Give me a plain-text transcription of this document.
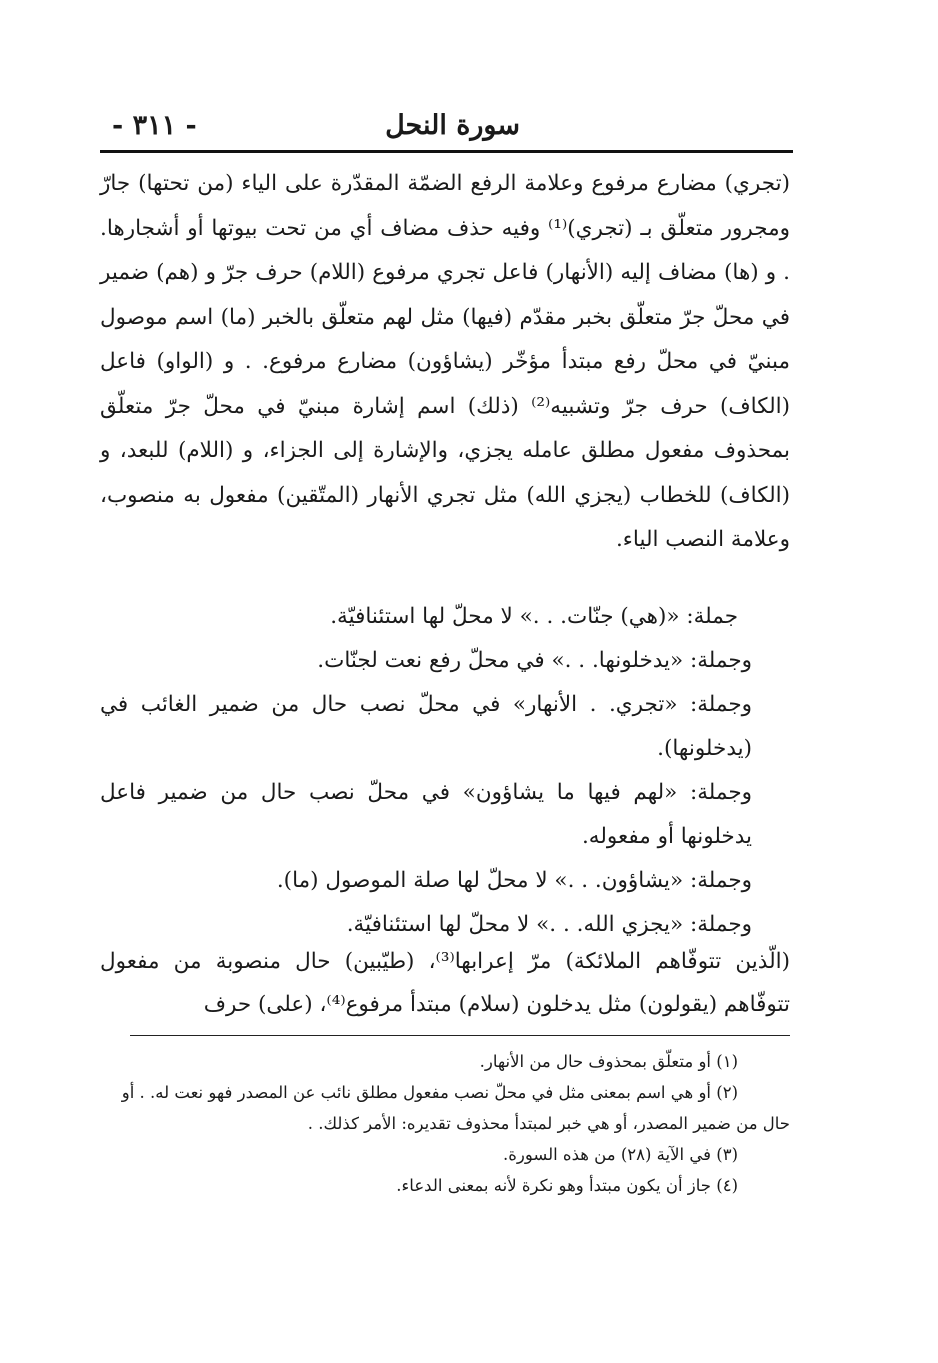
سورة النحل
- ٣١١ -

(تجري) مضارع مرفوع وعلامة الرفع الضمّة المقدّرة على الياء (من تحتها) جارّ ومجرور متعلّق بـ (تجري)⁽¹⁾ وفيه حذف مضاف أي من تحت بيوتها أو أشجارها. . و (ها) مضاف إليه (الأنهار) فاعل تجري مرفوع (اللام) حرف جرّ و (هم) ضمير في محلّ جرّ متعلّق بخبر مقدّم (فيها) مثل لهم متعلّق بالخبر (ما) اسم موصول مبنيّ في محلّ رفع مبتدأ مؤخّر (يشاؤون) مضارع مرفوع. . و (الواو) فاعل (الكاف) حرف جرّ وتشبيه⁽²⁾ (ذلك) اسم إشارة مبنيّ في محلّ جرّ متعلّق بمحذوف مفعول مطلق عامله يجزي، والإشارة إلى الجزاء، و (اللام) للبعد، و (الكاف) للخطاب (يجزي الله) مثل تجري الأنهار (المتّقين) مفعول به منصوب، وعلامة النصب الياء.

جملة: «(هي) جنّات. . .» لا محلّ لها استئنافيّة.

وجملة: «يدخلونها. . .» في محلّ رفع نعت لجنّات.

وجملة: «تجري. . الأنهار» في محلّ نصب حال من ضمير الغائب في (يدخلونها).

وجملة: «لهم فيها ما يشاؤون» في محلّ نصب حال من ضمير فاعل يدخلونها أو مفعوله.

وجملة: «يشاؤون. . .» لا محلّ لها صلة الموصول (ما).

وجملة: «يجزي الله. . .» لا محلّ لها استئنافيّة.

(الّذين تتوفّاهم الملائكة) مرّ إعرابها⁽³⁾، (طيّبين) حال منصوبة من مفعول تتوفّاهم (يقولون) مثل يدخلون (سلام) مبتدأ مرفوع⁽⁴⁾، (على) حرف

(١) أو متعلّق بمحذوف حال من الأنهار.

(٢) أو هي اسم بمعنى مثل في محلّ نصب مفعول مطلق نائب عن المصدر فهو نعت له. . أو

حال من ضمير المصدر، أو هي خبر لمبتدأ محذوف تقديره: الأمر كذلك. .

(٣) في الآية (٢٨) من هذه السورة.

(٤) جاز أن يكون مبتدأ وهو نكرة لأنه بمعنى الدعاء.
